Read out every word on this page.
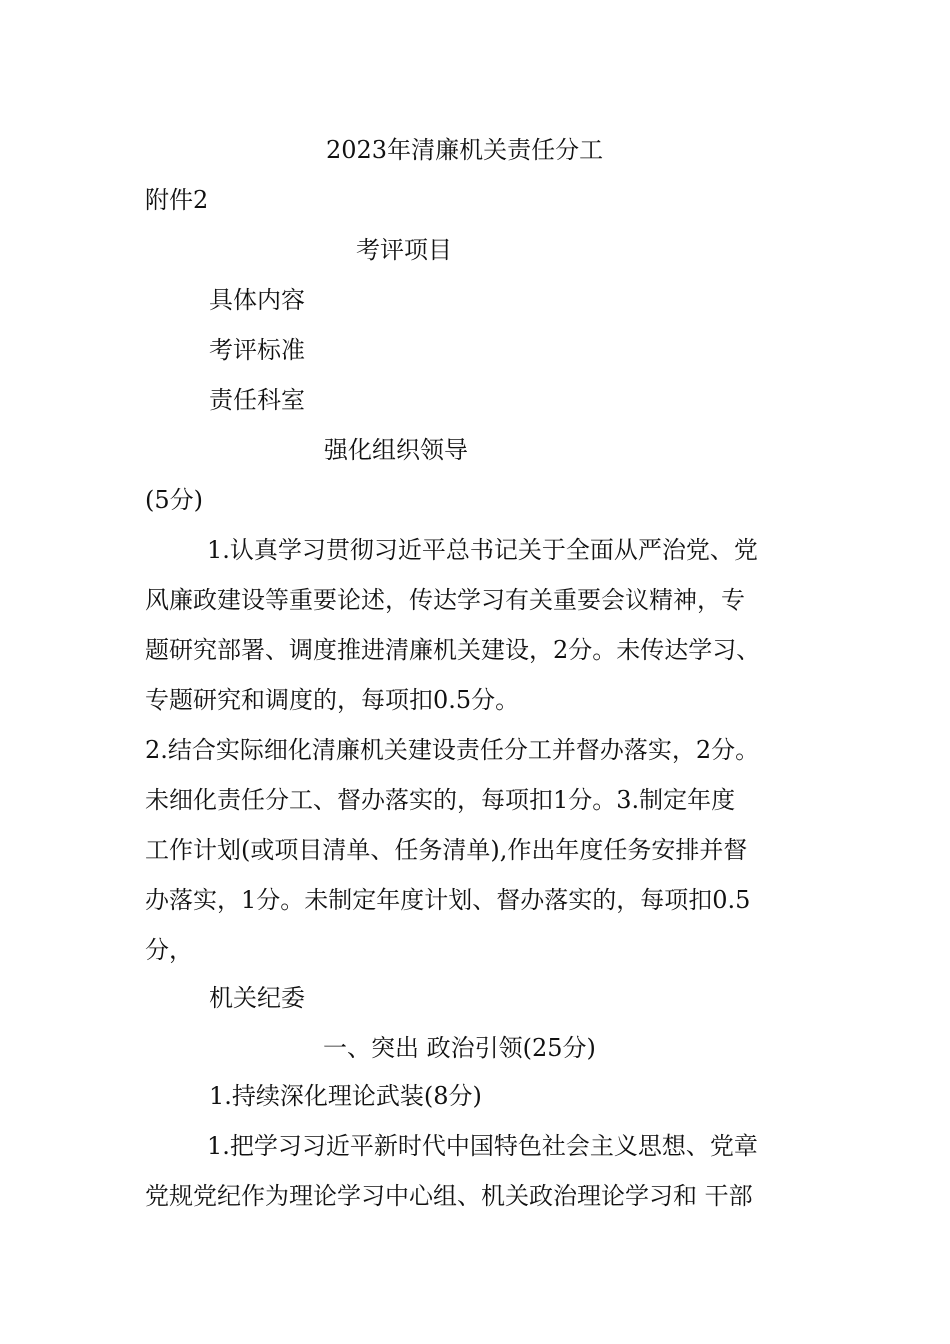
2023年清廉机关责任分工
附件2
考评项目
具体内容
考评标准
责任科室
强化组织领导
(5分)
1.认真学习贯彻习近平总书记关于全面从严治党、党
风廉政建设等重要论述，传达学习有关重要会议精神，专
题研究部署、调度推进清廉机关建设，2分。未传达学习、
专题研究和调度的，每项扣0.5分。
2.结合实际细化清廉机关建设责任分工并督办落实，2分。
未细化责任分工、督办落实的，每项扣1分。3.制定年度
工作计划(或项目清单、任务清单),作出年度任务安排并督
办落实，1分。未制定年度计划、督办落实的，每项扣0.5
分，
机关纪委
一、突出 政治引领(25分)
1.持续深化理论武装(8分)
1.把学习习近平新时代中国特色社会主义思想、党章
党规党纪作为理论学习中心组、机关政治理论学习和 干部
